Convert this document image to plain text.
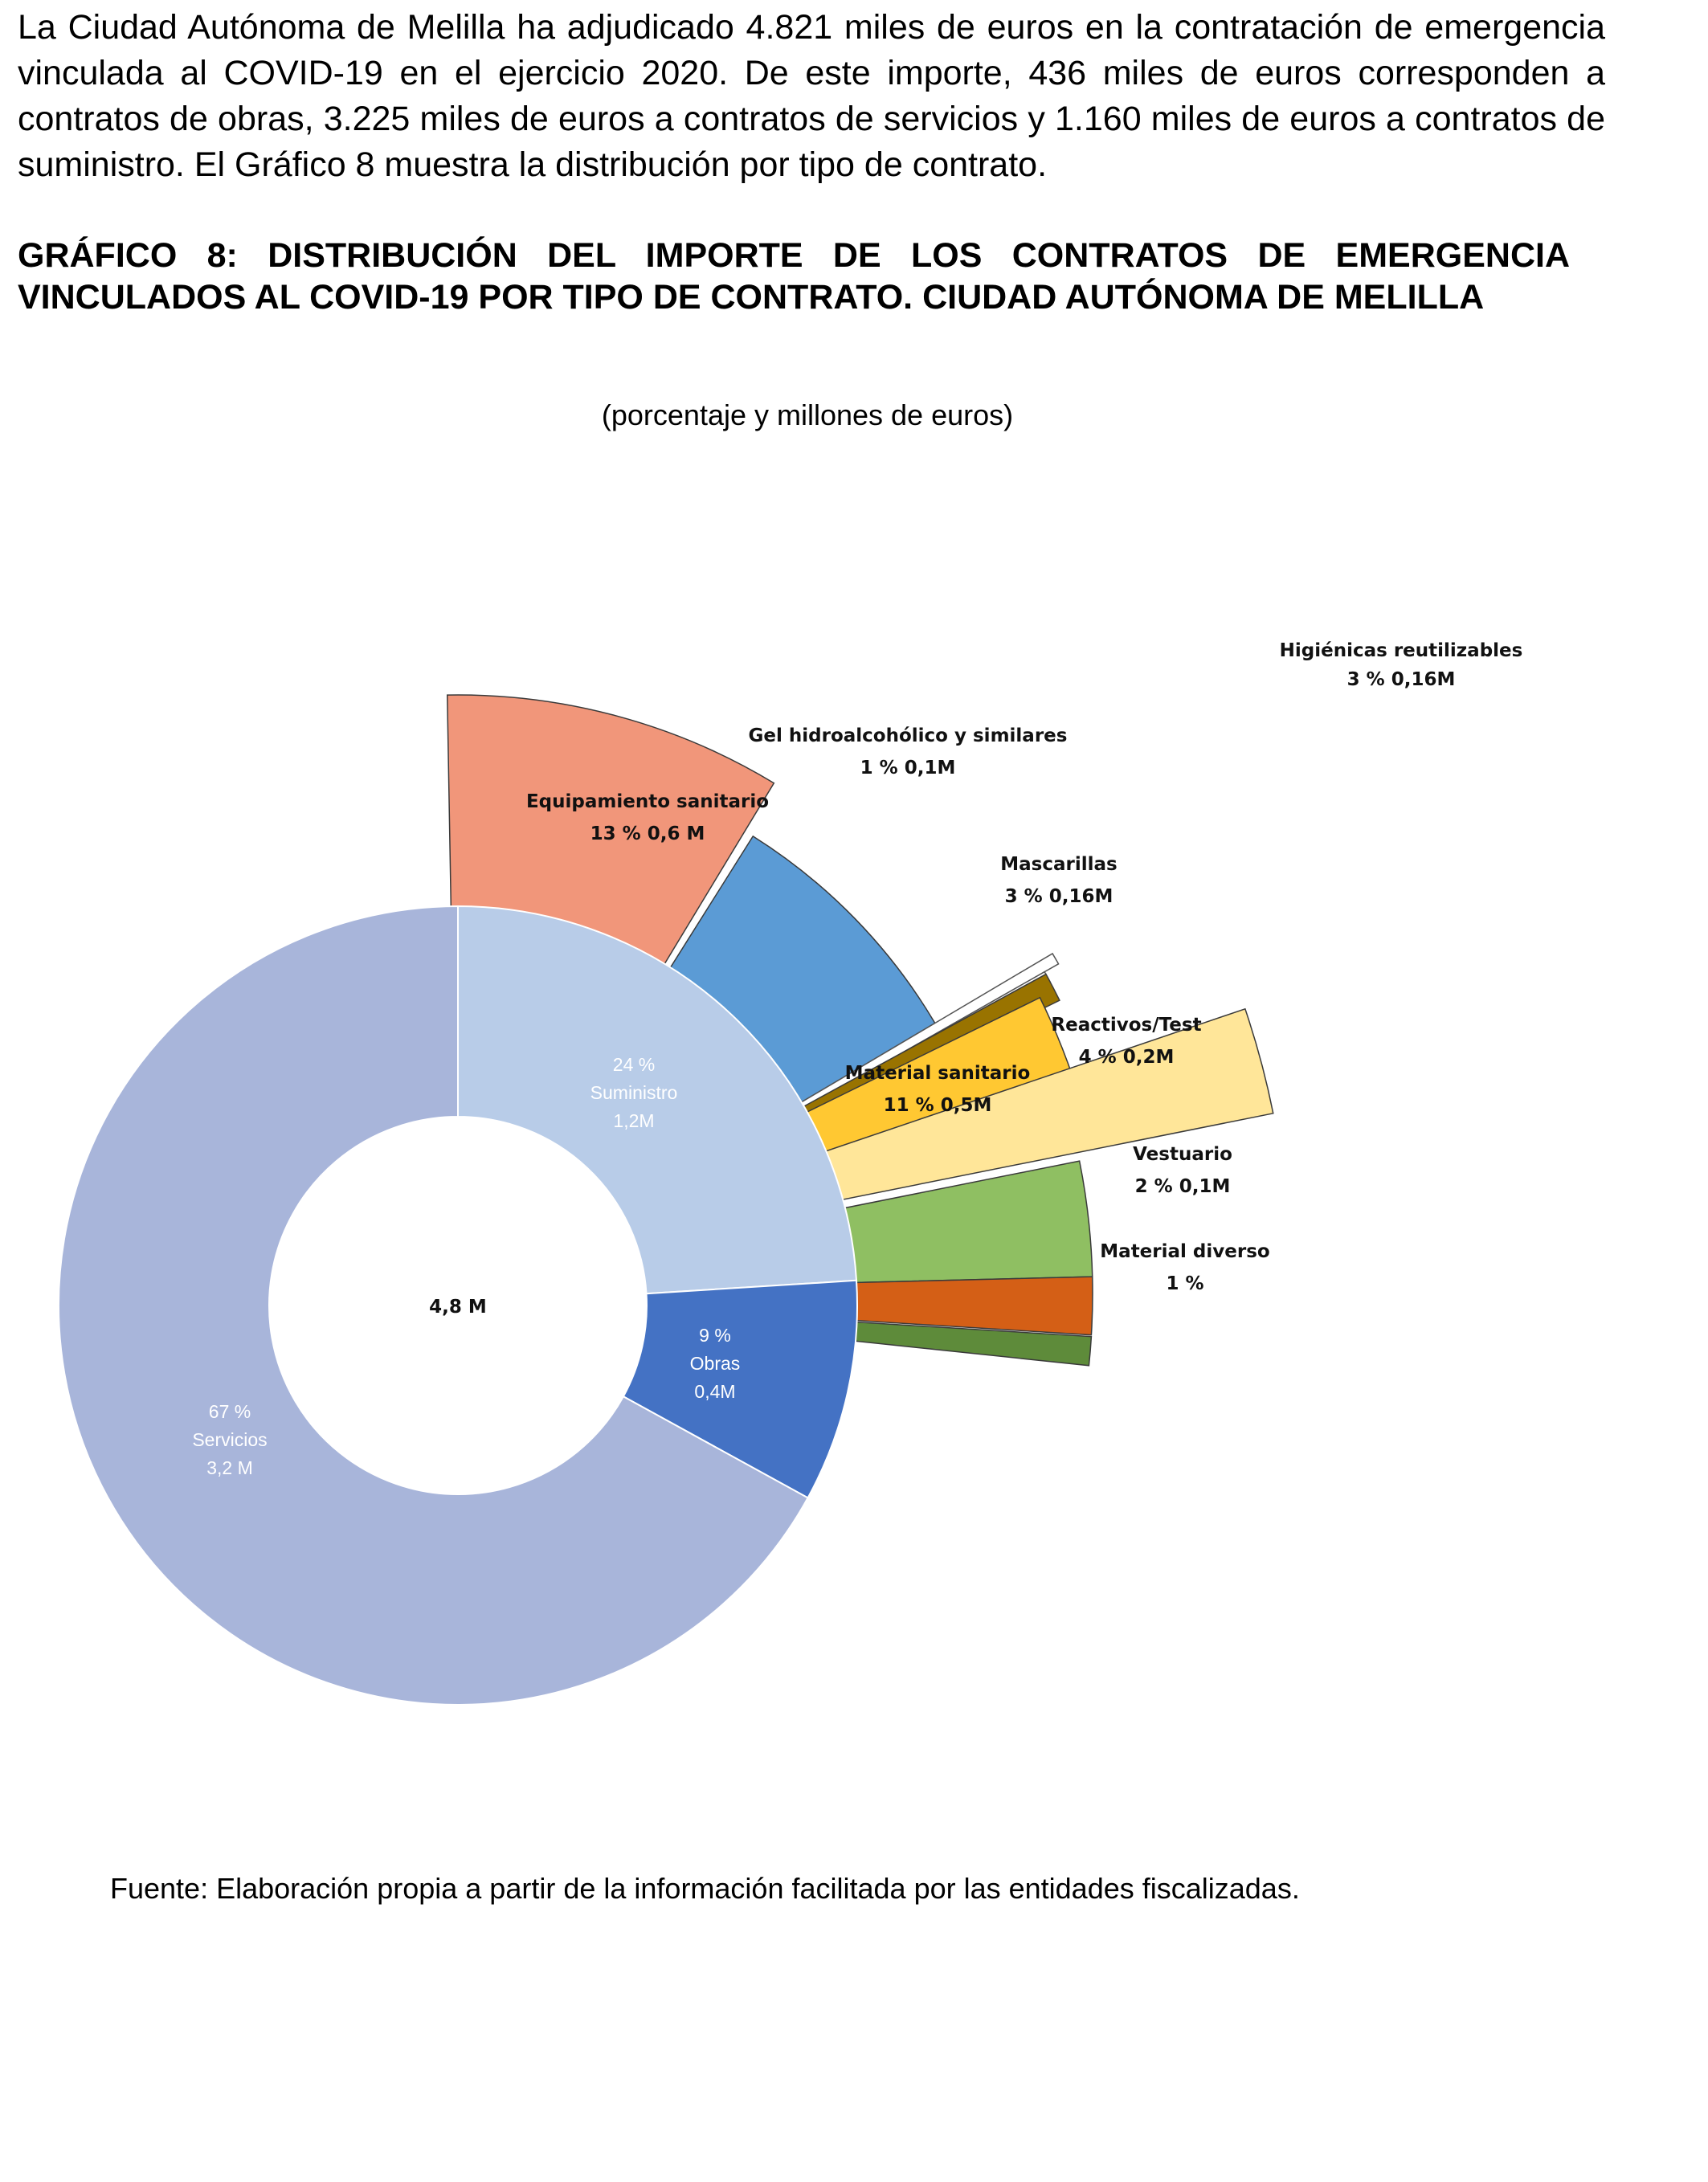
La Ciudad Autónoma de Melilla ha adjudicado 4.821 miles de euros en la contratación de emergencia vinculada al COVID-19 en el ejercicio 2020. De este importe, 436 miles de euros corresponden a contratos de obras, 3.225 miles de euros a contratos de servicios y 1.160 miles de euros a contratos de suministro. El Gráfico 8 muestra la distribución por tipo de contrato.

GRÁFICO 8: DISTRIBUCIÓN DEL IMPORTE DE LOS CONTRATOS DE EMERGENCIA VINCULADOS AL COVID-19 POR TIPO DE CONTRATO. CIUDAD AUTÓNOMA DE MELILLA

(porcentaje y millones de euros)

4,8 M
67 % Servicios 3,2 M
24 % Suministro 1,2M
9 % Obras 0,4M
Equipamiento sanitario 13 % 0,6 M
Material sanitario 11 % 0,5M
Gel hidroalcohólico y similares 1 % 0,1M
Mascarillas 3 % 0,16M
Higiénicas reutilizables 3 % 0,16M
Reactivos/Test 4 % 0,2M
Vestuario 2 % 0,1M
Material diverso 1 %

Fuente: Elaboración propia a partir de la información facilitada por las entidades fiscalizadas.
